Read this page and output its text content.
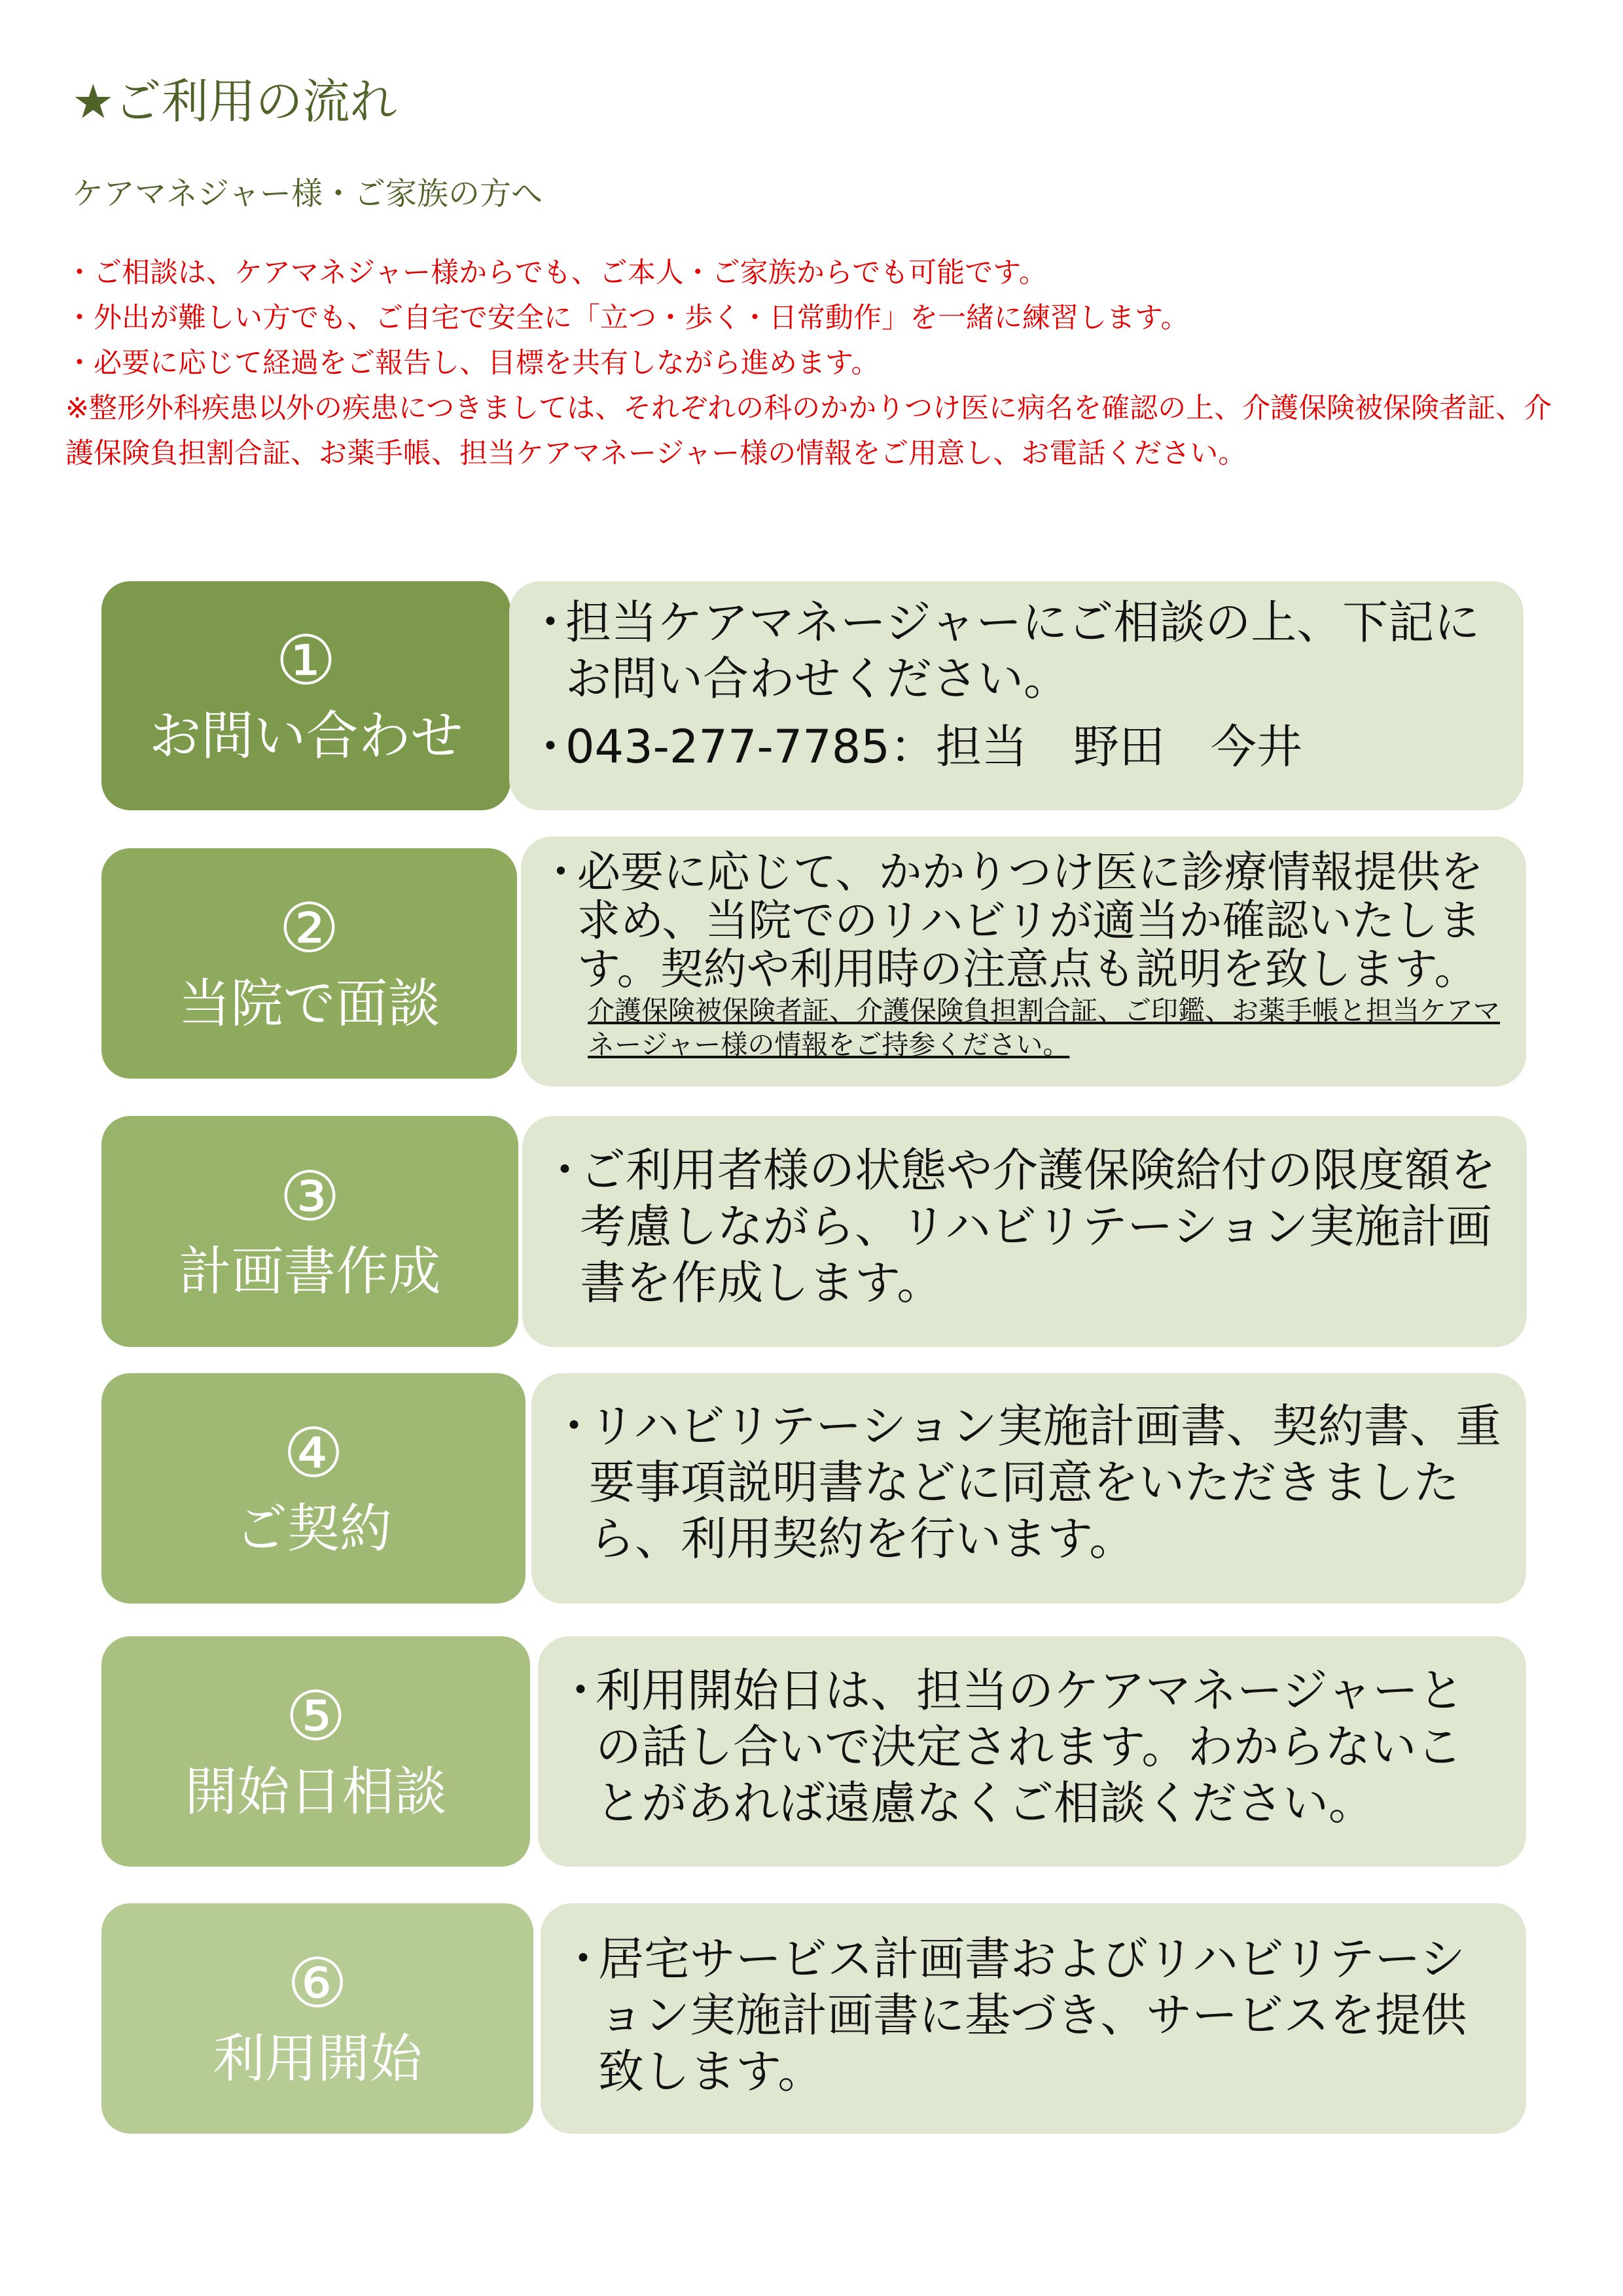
★ご利用の流れ
ケアマネジャー様・ご家族の方へ
・ご相談は、ケアマネジャー様からでも、ご本人・ご家族からでも可能です。
・外出が難しい方でも、ご自宅で安全に「立つ・歩く・日常動作」を一緒に練習します。
・必要に応じて経過をご報告し、目標を共有しながら進めます。
※整形外科疾患以外の疾患につきましては、それぞれの科のかかりつけ医に病名を確認の上、介護保険被保険者証、介護保険負担割合証、お薬手帳、担当ケアマネージャー様の情報をご用意し、お電話ください。
①
お問い合わせ
・
担当ケアマネージャーにご相談の上、下記にお問い合わせください。
・
043-277-7785：担当　野田　今井
②
当院で面談
・
必要に応じて、かかりつけ医に診療情報提供を求め、当院でのリハビリが適当か確認いたします。契約や利用時の注意点も説明を致します。
介護保険被保険者証、介護保険負担割合証、ご印鑑、お薬手帳と担当ケアマネージャー様の情報をご持参ください。
③
計画書作成
・
ご利用者様の状態や介護保険給付の限度額を考慮しながら、リハビリテーション実施計画書を作成します。
④
ご契約
・
リハビリテーション実施計画書、契約書、重要事項説明書などに同意をいただきましたら、利用契約を行います。
⑤
開始日相談
・
利用開始日は、担当のケアマネージャーとの話し合いで決定されます。わからないことがあれば遠慮なくご相談ください。
⑥
利用開始
・
居宅サービス計画書およびリハビリテーション実施計画書に基づき、サービスを提供致します。
